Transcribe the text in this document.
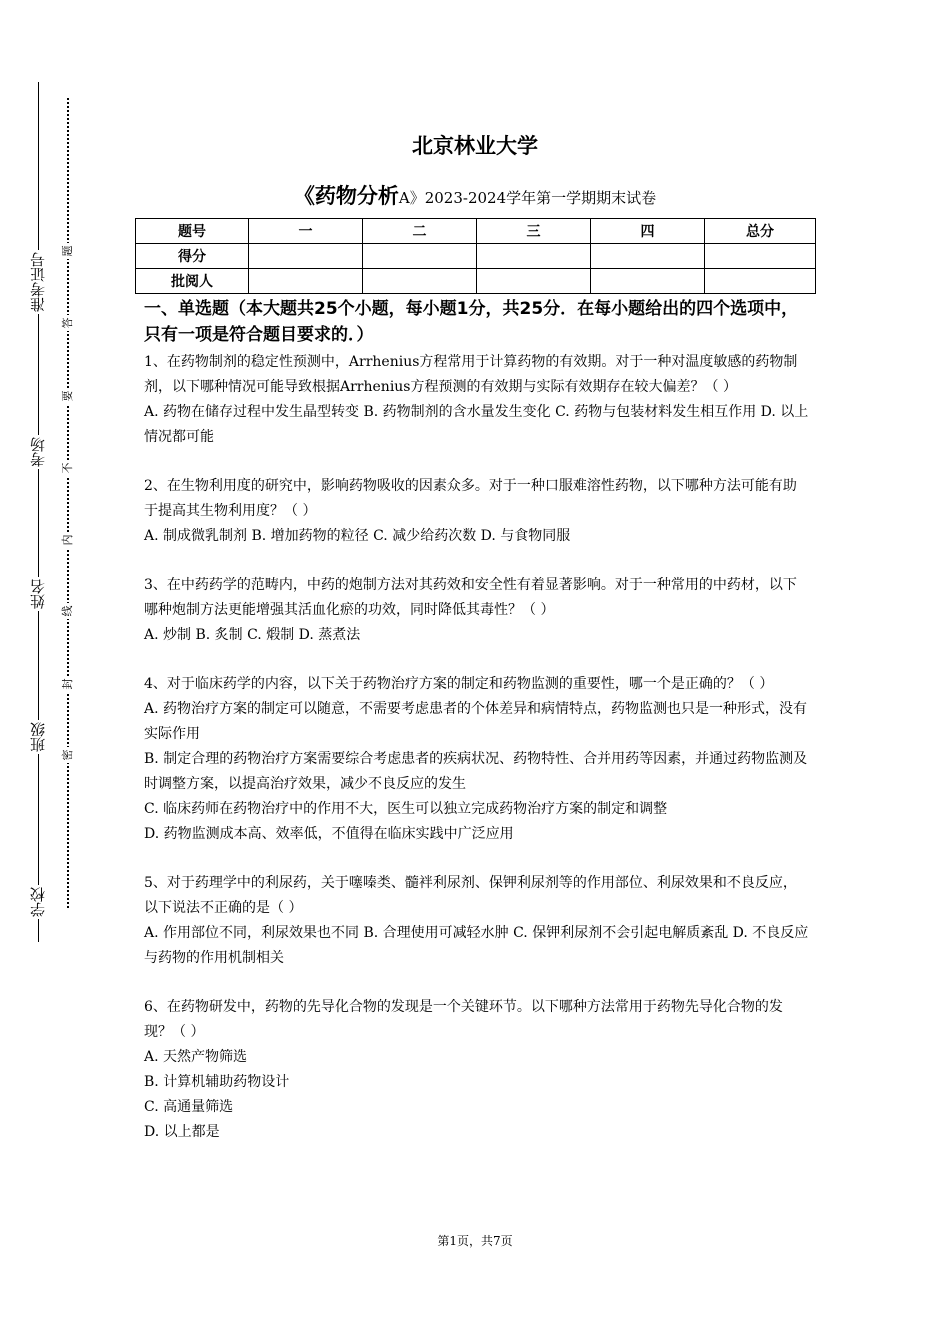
准考证号
考场
姓名
班级
学校
题
答
要
不
内
线
封
密
北京林业大学
《药物分析A》2023-2024学年第一学期期末试卷
题号	一	二	三	四	总分
得分					
批阅人					

一、单选题（本大题共25个小题，每小题1分，共25分．在每小题给出的四个选项中，只有一项是符合题目要求的．）

1、在药物制剂的稳定性预测中，Arrhenius方程常用于计算药物的有效期。对于一种对温度敏感的药物制剂，以下哪种情况可能导致根据Arrhenius方程预测的有效期与实际有效期存在较大偏差？（ ）

A. 药物在储存过程中发生晶型转变 B. 药物制剂的含水量发生变化 C. 药物与包装材料发生相互作用 D. 以上情况都可能

2、在生物利用度的研究中，影响药物吸收的因素众多。对于一种口服难溶性药物，以下哪种方法可能有助于提高其生物利用度？（ ）

A. 制成微乳制剂 B. 增加药物的粒径 C. 减少给药次数 D. 与食物同服

3、在中药药学的范畴内，中药的炮制方法对其药效和安全性有着显著影响。对于一种常用的中药材，以下哪种炮制方法更能增强其活血化瘀的功效，同时降低其毒性？（ ）

A. 炒制 B. 炙制 C. 煅制 D. 蒸煮法

4、对于临床药学的内容，以下关于药物治疗方案的制定和药物监测的重要性，哪一个是正确的？（ ）

A. 药物治疗方案的制定可以随意，不需要考虑患者的个体差异和病情特点，药物监测也只是一种形式，没有实际作用

B. 制定合理的药物治疗方案需要综合考虑患者的疾病状况、药物特性、合并用药等因素，并通过药物监测及时调整方案，以提高治疗效果，减少不良反应的发生

C. 临床药师在药物治疗中的作用不大，医生可以独立完成药物治疗方案的制定和调整

D. 药物监测成本高、效率低，不值得在临床实践中广泛应用

5、对于药理学中的利尿药，关于噻嗪类、髓袢利尿剂、保钾利尿剂等的作用部位、利尿效果和不良反应，以下说法不正确的是（ ）

A. 作用部位不同，利尿效果也不同 B. 合理使用可减轻水肿 C. 保钾利尿剂不会引起电解质紊乱 D. 不良反应与药物的作用机制相关

6、在药物研发中，药物的先导化合物的发现是一个关键环节。以下哪种方法常用于药物先导化合物的发现？（ ）

A. 天然产物筛选

B. 计算机辅助药物设计

C. 高通量筛选

D. 以上都是

第1页，共7页
